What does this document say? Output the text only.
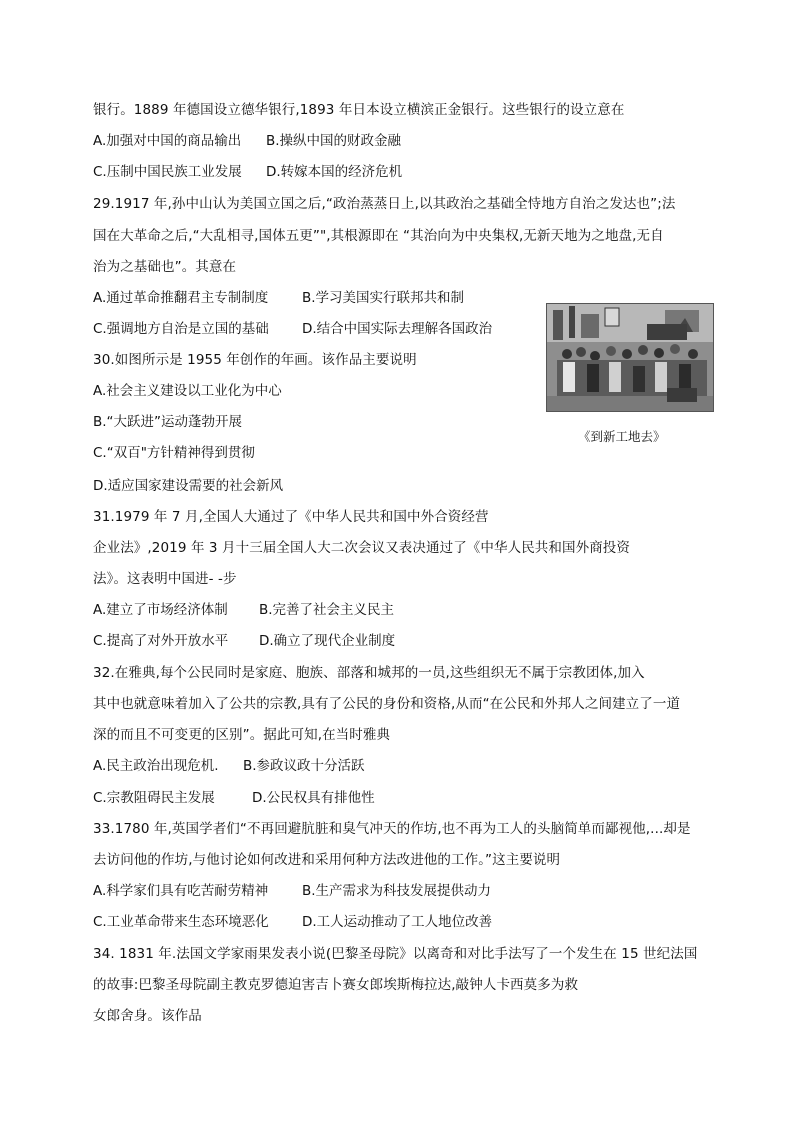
银行。1889 年德国设立德华银行,1893 年日本设立横滨正金银行。这些银行的设立意在
A.加强对中国的商品输出 B.操纵中国的财政金融
C.压制中国民族工业发展 D.转嫁本国的经济危机
29.1917 年,孙中山认为美国立国之后,“政治蒸蒸日上,以其政治之基础全恃地方自治之发达也”;法
国在大革命之后,“大乱相寻,国体五更”",其根源即在 “其治向为中央集权,无新天地为之地盘,无自
治为之基础也”。其意在
A.通过革命推翻君主专制制度 B.学习美国实行联邦共和制
C.强调地方自治是立国的基础 D.结合中国实际去理解各国政治
《到新工地去》
30.如图所示是 1955 年创作的年画。该作品主要说明
A.社会主义建设以工业化为中心
B.“大跃进”运动蓬勃开展
C.“双百"方针精神得到贯彻
D.适应国家建设需要的社会新风
31.1979 年 7 月,全国人大通过了《中华人民共和国中外合资经营
企业法》,2019 年 3 月十三届全国人大二次会议又表决通过了《中华人民共和国外商投资
法》。这表明中国进- -步
A.建立了市场经济体制 B.完善了社会主义民主
C.提高了对外开放水平 D.确立了现代企业制度
32.在雅典,每个公民同时是家庭、胞族、部落和城邦的一员,这些组织无不属于宗教团体,加入
其中也就意味着加入了公共的宗教,具有了公民的身份和资格,从而“在公民和外邦人之间建立了一道
深的而且不可变更的区别”。据此可知,在当时雅典
A.民主政治出现危机. B.参政议政十分活跃
C.宗教阻碍民主发展	D.公民权具有排他性
33.1780 年,英国学者们“不再回避肮脏和臭气冲天的作坊,也不再为工人的头脑简单而鄙视他,...却是
去访问他的作坊,与他讨论如何改进和采用何种方法改进他的工作。”这主要说明
A.科学家们具有吃苦耐劳精神 B.生产需求为科技发展提供动力
C.工业革命带来生态环境恶化 D.工人运动推动了工人地位改善
34. 1831 年.法国文学家雨果发表小说(巴黎圣母院》以离奇和对比手法写了一个发生在 15 世纪法国
的故事:巴黎圣母院副主教克罗德迫害吉卜赛女郎埃斯梅拉达,敲钟人卡西莫多为救
女郎舍身。该作品
